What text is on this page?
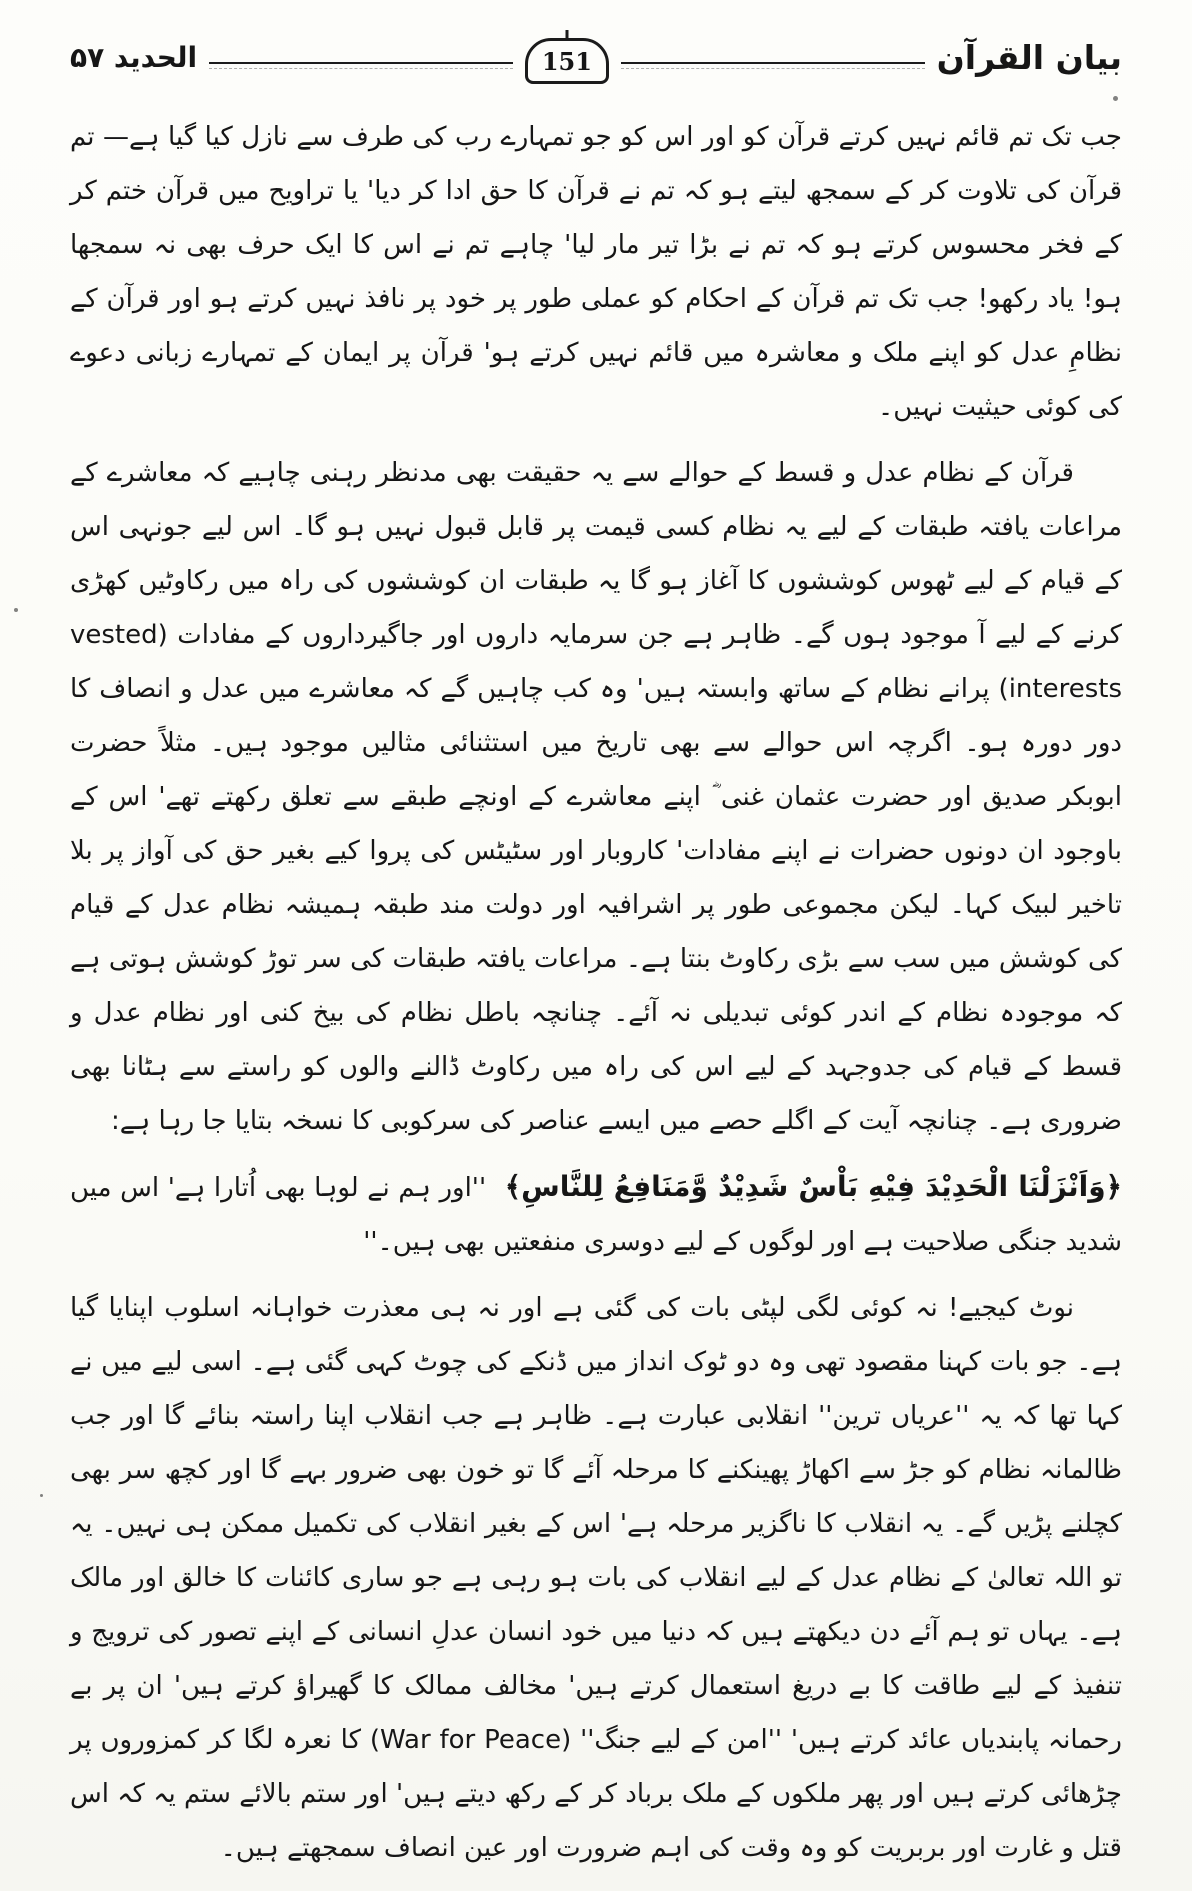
بیان القرآن
151
الحدید ۵۷

جب تک تم قائم نہیں کرتے قرآن کو اور اس کو جو تمہارے رب کی طرف سے نازل کیا گیا ہے— تم قرآن کی تلاوت کر کے سمجھ لیتے ہو کہ تم نے قرآن کا حق ادا کر دیا' یا تراویح میں قرآن ختم کر کے فخر محسوس کرتے ہو کہ تم نے بڑا تیر مار لیا' چاہے تم نے اس کا ایک حرف بھی نہ سمجھا ہو! یاد رکھو! جب تک تم قرآن کے احکام کو عملی طور پر خود پر نافذ نہیں کرتے ہو اور قرآن کے نظامِ عدل کو اپنے ملک و معاشرہ میں قائم نہیں کرتے ہو' قرآن پر ایمان کے تمہارے زبانی دعوے کی کوئی حیثیت نہیں۔

قرآن کے نظام عدل و قسط کے حوالے سے یہ حقیقت بھی مدنظر رہنی چاہیے کہ معاشرے کے مراعات یافتہ طبقات کے لیے یہ نظام کسی قیمت پر قابل قبول نہیں ہو گا۔ اس لیے جونہی اس کے قیام کے لیے ٹھوس کوششوں کا آغاز ہو گا یہ طبقات ان کوششوں کی راہ میں رکاوٹیں کھڑی کرنے کے لیے آ موجود ہوں گے۔ ظاہر ہے جن سرمایہ داروں اور جاگیرداروں کے مفادات (vested interests) پرانے نظام کے ساتھ وابستہ ہیں' وہ کب چاہیں گے کہ معاشرے میں عدل و انصاف کا دور دورہ ہو۔ اگرچہ اس حوالے سے بھی تاریخ میں استثنائی مثالیں موجود ہیں۔ مثلاً حضرت ابوبکر صدیق اور حضرت عثمان غنی ؓ اپنے معاشرے کے اونچے طبقے سے تعلق رکھتے تھے' اس کے باوجود ان دونوں حضرات نے اپنے مفادات' کاروبار اور سٹیٹس کی پروا کیے بغیر حق کی آواز پر بلا تاخیر لبیک کہا۔ لیکن مجموعی طور پر اشرافیہ اور دولت مند طبقہ ہمیشہ نظام عدل کے قیام کی کوشش میں سب سے بڑی رکاوٹ بنتا ہے۔ مراعات یافتہ طبقات کی سر توڑ کوشش ہوتی ہے کہ موجودہ نظام کے اندر کوئی تبدیلی نہ آئے۔ چنانچہ باطل نظام کی بیخ کنی اور نظام عدل و قسط کے قیام کی جدوجہد کے لیے اس کی راہ میں رکاوٹ ڈالنے والوں کو راستے سے ہٹانا بھی ضروری ہے۔ چنانچہ آیت کے اگلے حصے میں ایسے عناصر کی سرکوبی کا نسخہ بتایا جا رہا ہے:

﴿وَاَنْزَلْنَا الْحَدِيْدَ فِيْهِ بَاْسٌ شَدِيْدٌ وَّمَنَافِعُ لِلنَّاسِ﴾ ''اور ہم نے لوہا بھی اُتارا ہے' اس میں شدید جنگی صلاحیت ہے اور لوگوں کے لیے دوسری منفعتیں بھی ہیں۔''

نوٹ کیجیے! نہ کوئی لگی لپٹی بات کی گئی ہے اور نہ ہی معذرت خواہانہ اسلوب اپنایا گیا ہے۔ جو بات کہنا مقصود تھی وہ دو ٹوک انداز میں ڈنکے کی چوٹ کہی گئی ہے۔ اسی لیے میں نے کہا تھا کہ یہ ''عریاں ترین'' انقلابی عبارت ہے۔ ظاہر ہے جب انقلاب اپنا راستہ بنائے گا اور جب ظالمانہ نظام کو جڑ سے اکھاڑ پھینکنے کا مرحلہ آئے گا تو خون بھی ضرور بہے گا اور کچھ سر بھی کچلنے پڑیں گے۔ یہ انقلاب کا ناگزیر مرحلہ ہے' اس کے بغیر انقلاب کی تکمیل ممکن ہی نہیں۔ یہ تو اللہ تعالیٰ کے نظام عدل کے لیے انقلاب کی بات ہو رہی ہے جو ساری کائنات کا خالق اور مالک ہے۔ یہاں تو ہم آئے دن دیکھتے ہیں کہ دنیا میں خود انسان عدلِ انسانی کے اپنے تصور کی ترویج و تنفیذ کے لیے طاقت کا بے دریغ استعمال کرتے ہیں' مخالف ممالک کا گھیراؤ کرتے ہیں' ان پر بے رحمانہ پابندیاں عائد کرتے ہیں' ''امن کے لیے جنگ'' (War for Peace) کا نعرہ لگا کر کمزوروں پر چڑھائی کرتے ہیں اور پھر ملکوں کے ملک برباد کر کے رکھ دیتے ہیں' اور ستم بالائے ستم یہ کہ اس قتل و غارت اور بربریت کو وہ وقت کی اہم ضرورت اور عین انصاف سمجھتے ہیں۔
